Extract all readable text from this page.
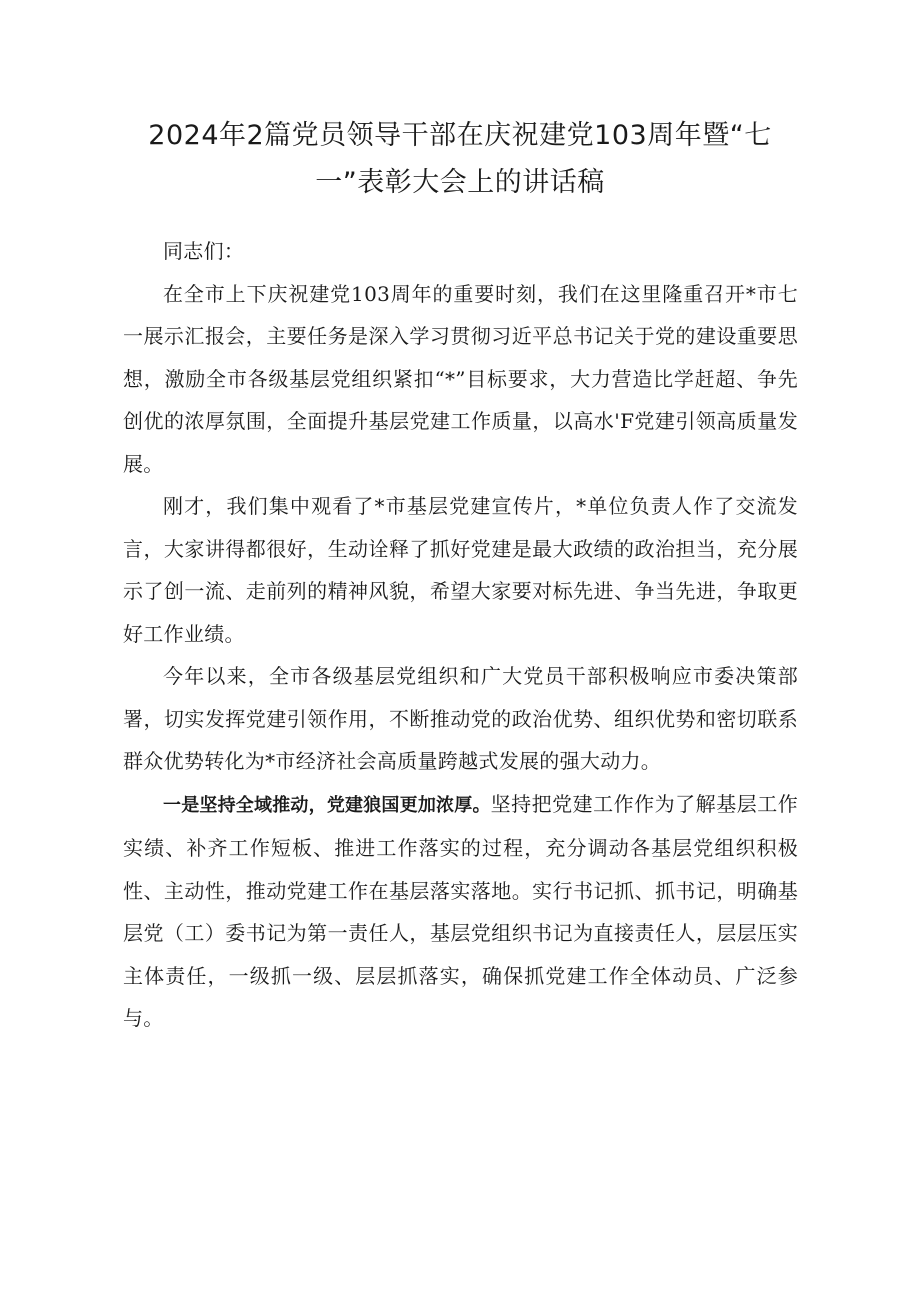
2024年2篇党员领导干部在庆祝建党103周年暨“七
一”表彰大会上的讲话稿

同志们：

在全市上下庆祝建党103周年的重要时刻，我们在这里隆重召开*市七一展示汇报会，主要任务是深入学习贯彻习近平总书记关于党的建设重要思想，激励全市各级基层党组织紧扣“*”目标要求，大力营造比学赶超、争先创优的浓厚氛围，全面提升基层党建工作质量，以高水'F党建引领高质量发展。

刚才，我们集中观看了*市基层党建宣传片，*单位负责人作了交流发言，大家讲得都很好，生动诠释了抓好党建是最大政绩的政治担当，充分展示了创一流、走前列的精神风貌，希望大家要对标先进、争当先进，争取更好工作业绩。

今年以来，全市各级基层党组织和广大党员干部积极响应市委决策部署，切实发挥党建引领作用，不断推动党的政治优势、组织优势和密切联系群众优势转化为*市经济社会高质量跨越式发展的强大动力。

一是坚持全域推动，党建狼国更加浓厚。坚持把党建工作作为了解基层工作实绩、补齐工作短板、推进工作落实的过程，充分调动各基层党组织积极性、主动性，推动党建工作在基层落实落地。实行书记抓、抓书记，明确基层党（工）委书记为第一责任人，基层党组织书记为直接责任人，层层压实主体责任，一级抓一级、层层抓落实，确保抓党建工作全体动员、广泛参与。
